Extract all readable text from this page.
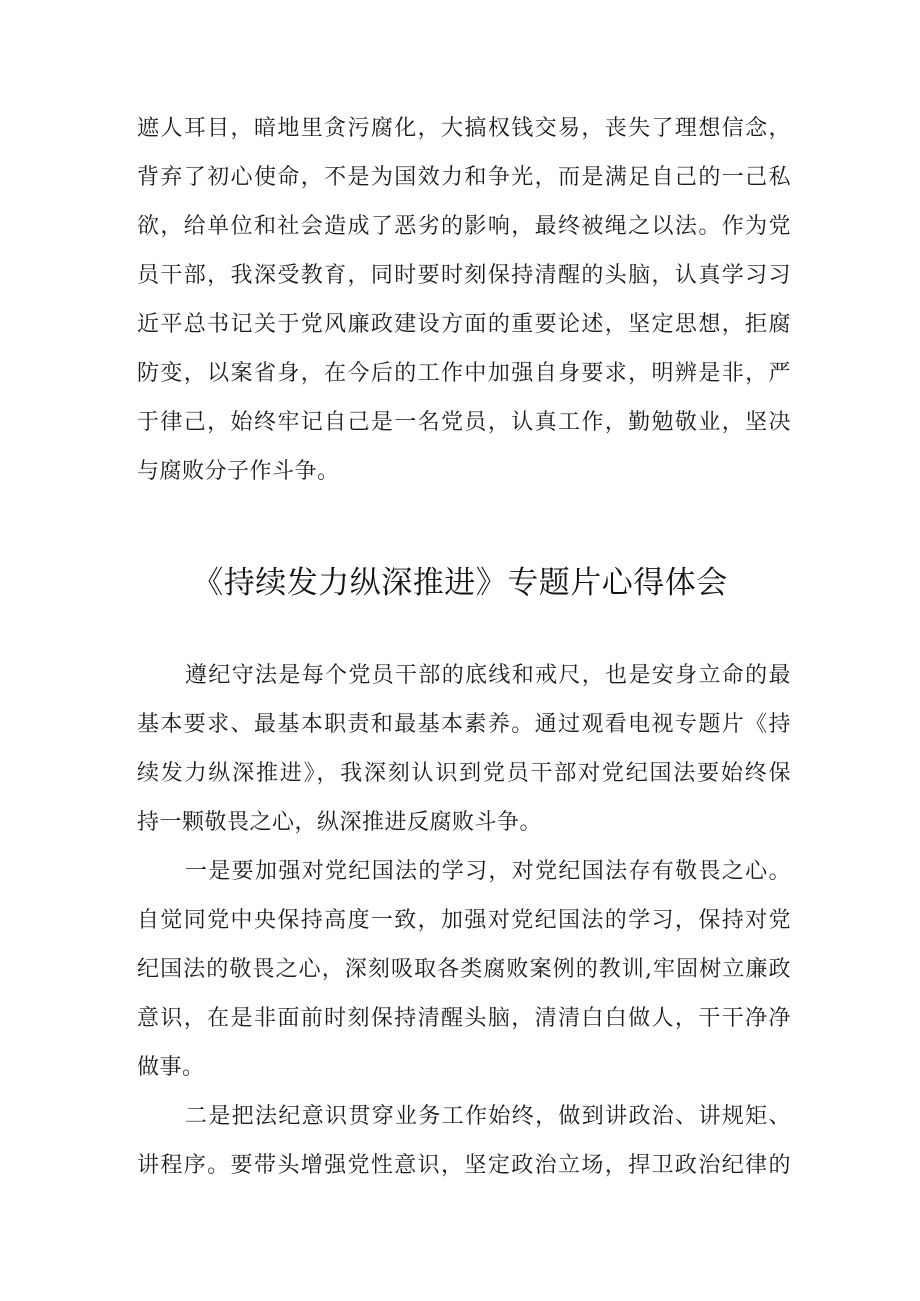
遮人耳目，暗地里贪污腐化，大搞权钱交易，丧失了理想信念，
背弃了初心使命，不是为国效力和争光，而是满足自己的一己私
欲，给单位和社会造成了恶劣的影响，最终被绳之以法。作为党
员干部，我深受教育，同时要时刻保持清醒的头脑，认真学习习
近平总书记关于党风廉政建设方面的重要论述，坚定思想，拒腐
防变，以案省身，在今后的工作中加强自身要求，明辨是非，严
于律己，始终牢记自己是一名党员，认真工作，勤勉敬业，坚决
与腐败分子作斗争。
《持续发力纵深推进》专题片心得体会
遵纪守法是每个党员干部的底线和戒尺，也是安身立命的最
基本要求、最基本职责和最基本素养。通过观看电视专题片《持
续发力纵深推进》，我深刻认识到党员干部对党纪国法要始终保
持一颗敬畏之心，纵深推进反腐败斗争。
一是要加强对党纪国法的学习，对党纪国法存有敬畏之心。
自觉同党中央保持高度一致，加强对党纪国法的学习，保持对党
纪国法的敬畏之心，深刻吸取各类腐败案例的教训,牢固树立廉政
意识，在是非面前时刻保持清醒头脑，清清白白做人，干干净净
做事。
二是把法纪意识贯穿业务工作始终，做到讲政治、讲规矩、
讲程序。要带头增强党性意识，坚定政治立场，捍卫政治纪律的
